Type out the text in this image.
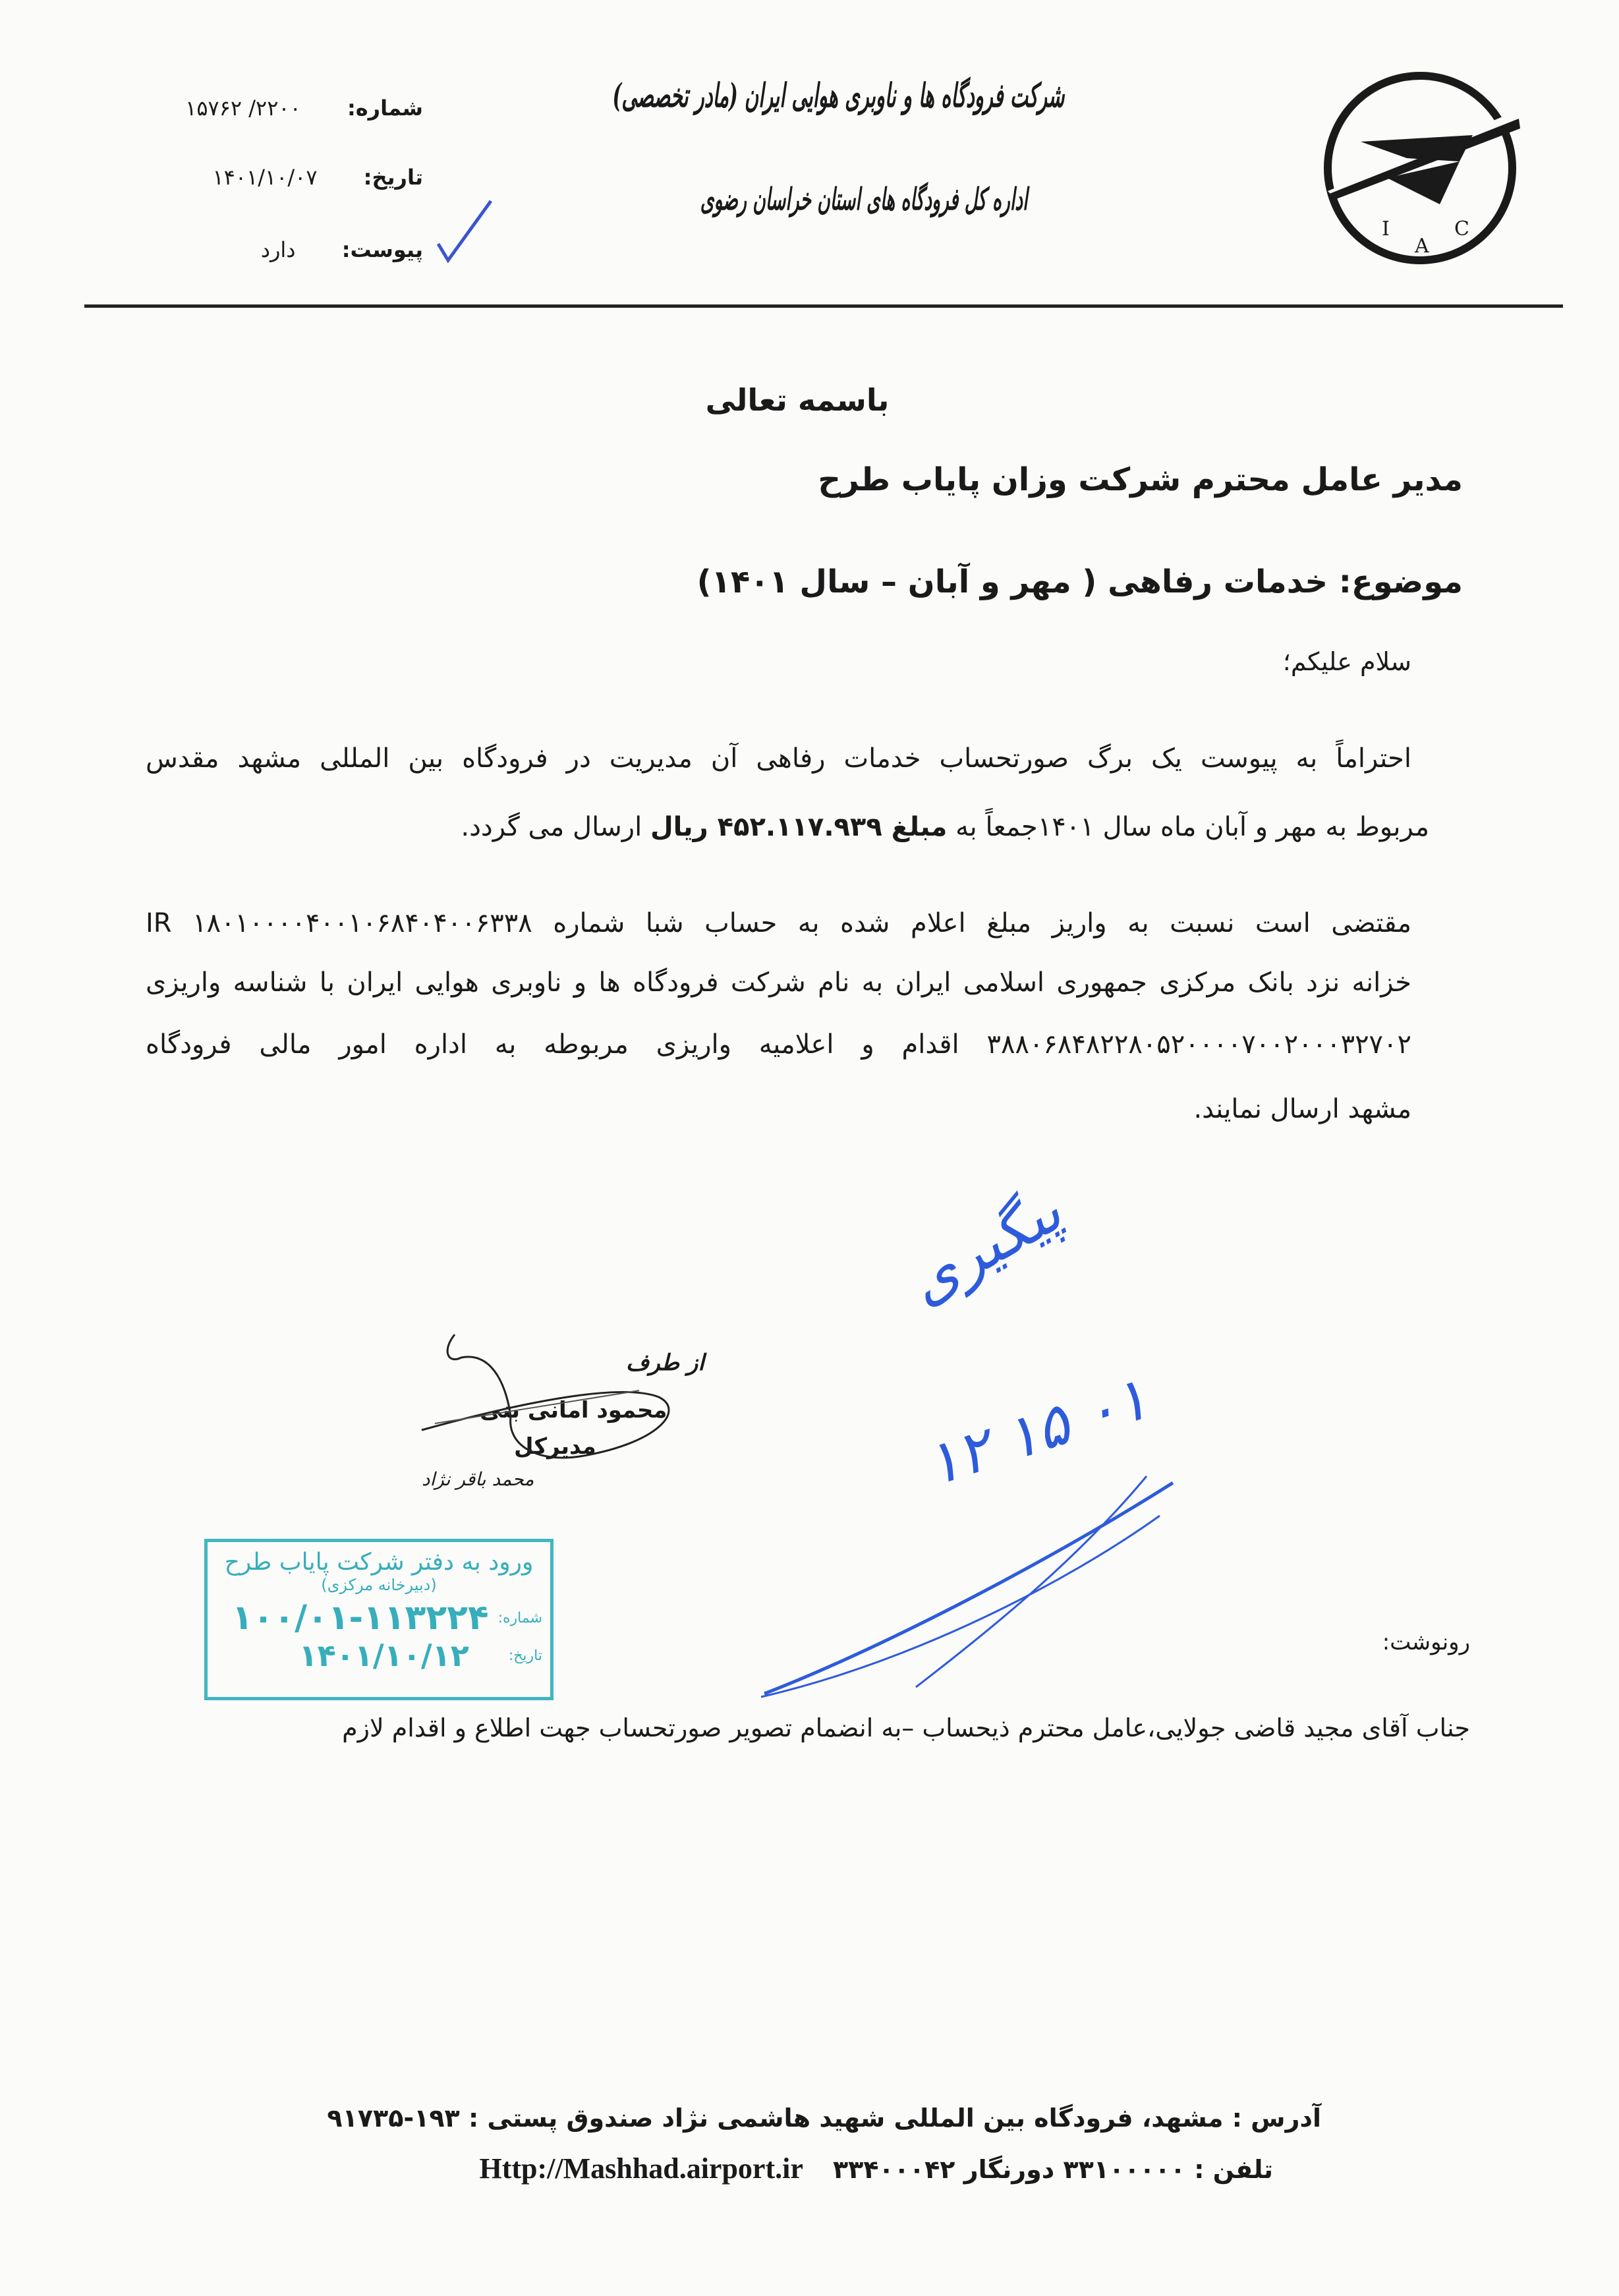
I
A
C
شرکت فرودگاه ها و ناوبری هوایی ایران (مادر تخصصی)
اداره کل فرودگاه های استان خراسان رضوی
شماره: ۲۲۰۰/ ۱۵۷۶۲
تاریخ: ۱۴۰۱/۱۰/۰۷
پیوست: دارد
باسمه تعالی
مدیر عامل محترم شرکت وزان پایاب طرح
موضوع: خدمات رفاهی ( مهر و آبان – سال ۱۴۰۱)
سلام علیکم؛
احتراماً به پیوست یک برگ صورتحساب خدمات رفاهی آن مدیریت در فرودگاه بین المللی مشهد مقدس
مربوط به مهر و آبان ماه سال ۱۴۰۱جمعاً به مبلغ ۴۵۲.۱۱۷.۹۳۹ ریال ارسال می گردد.
مقتضی است نسبت به واریز مبلغ اعلام شده به حساب شبا شماره IR ۱۸۰۱۰۰۰۰۴۰۰۱۰۶۸۴۰۴۰۰۶۳۳۸
خزانه نزد بانک مرکزی جمهوری اسلامی ایران به نام شرکت فرودگاه ها و ناوبری هوایی ایران با شناسه واریزی
۳۸۸۰۶۸۴۸۲۲۸۰۵۲۰۰۰۰۷۰۰۲۰۰۰۳۲۷۰۲ اقدام و اعلامیه واریزی مربوطه به اداره امور مالی فرودگاه
مشهد ارسال نمایند.
پیگیری
۱۲ ۱۵ ۰۱
از طرف
محمود امانی بنی
مدیرکل
محمد باقر نژاد
ورود به دفتر شرکت پایاب طرح
(دبیرخانه مرکزی)
شماره:
۱۰۰/۰۱-۱۱۳۲۲۴
تاریخ:
۱۴۰۱/۱۰/۱۲	رونوشت:
جناب آقای مجید قاضی جولایی،عامل محترم ذیحساب –به انضمام تصویر صورتحساب جهت اطلاع و اقدام لازم
آدرس : مشهد، فرودگاه بین المللی شهید هاشمی نژاد صندوق پستی : ۱۹۳-۹۱۷۳۵
تلفن : ۳۳۱۰۰۰۰۰ دورنگار ۳۳۴۰۰۰۴۲ Http://Mashhad.airport.ir
